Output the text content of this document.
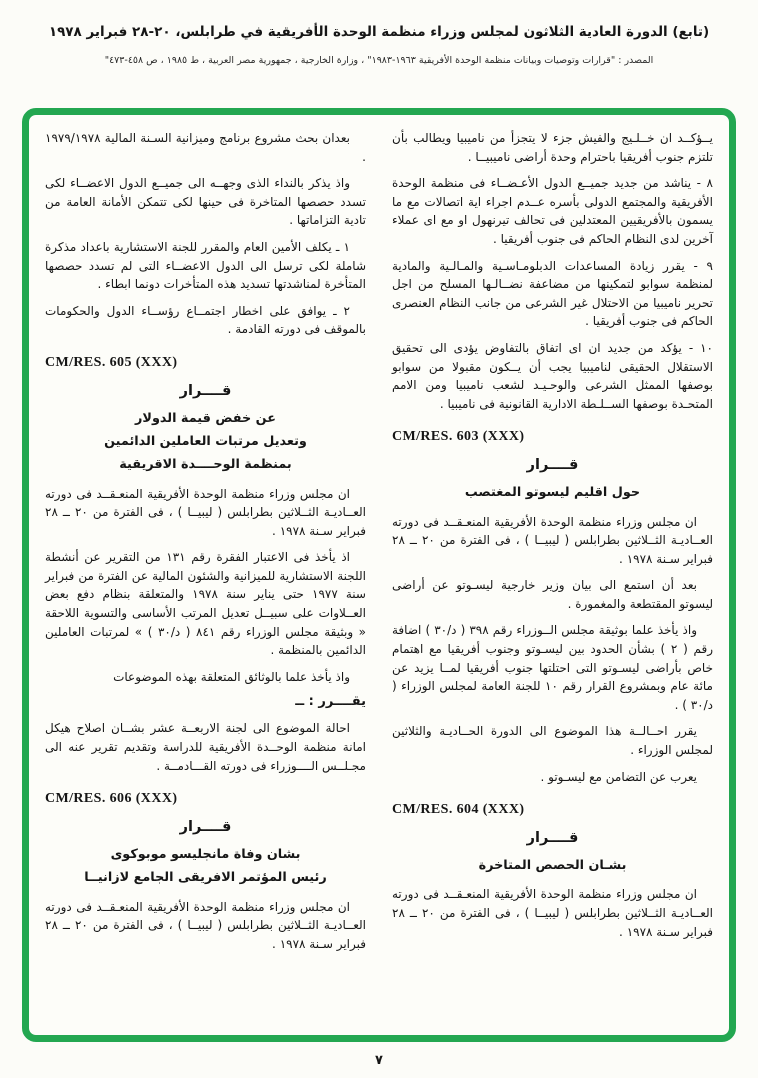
(تابع) الدورة العادية الثلاثون لمجلس وزراء منظمة الوحدة الأفريقية في طرابلس، ٢٠-٢٨ فبراير ١٩٧٨
المصدر : "قرارات وتوصيات وبيانات منظمة الوحدة الأفريقية ١٩٦٣-١٩٨٣" ، وزارة الخارجية ، جمهورية مصر العربية ، ط ١٩٨٥ ، ص ٤٥٨-٤٧٣"

يــؤكــد ان خــلـيج والفيش جزء لا يتجزأ من ناميبيا ويطالب بأن تلتزم جنوب أفريقيا باحترام وحدة أراضى ناميبيــا .

٨ - يناشد من جديد جميــع الدول الأعـضــاء فى منظمة الوحدة الأفريقية والمجتمع الدولى بأسره عــدم اجراء اية اتصالات مع ما يسمون بالأفريقيين المعتدلين فى تحالف تيرنهول او مع اى عملاء آخرين لدى النظام الحاكم فى جنوب أفريقيا .

٩ - يقرر زيادة المساعدات الدبلومـاسـية والمـالـية والمادية لمنظمة سوابو لتمكينها من مضاعفة نضــالـها المسلح من اجل تحرير ناميبيا من الاحتلال غير الشرعى من جانب النظام العنصرى الحاكم فى جنوب أفريقيا .

١٠ - يؤكد من جديد ان اى اتفاق بالتفاوض يؤدى الى تحقيق الاستقلال الحقيقى لناميبيا يجب أن يــكون مقبولا من سوابو بوصفها الممثل الشرعى والوحـيـد لشعب ناميبيا ومن الامم المتحـدة بوصفها الســلـطة الادارية القانونية فى ناميبيا .

CM/RES. 603 (XXX)
قــــرار
حول اقليم ليسوتو المغتصب

ان مجلس وزراء منظمة الوحدة الأفريقية المنعـقــد فى دورته العــاديـة الثــلاثين بطرابلس ( ليبيــا ) ، فى الفترة من ٢٠ ــ ٢٨ فبراير سـنة ١٩٧٨ .

بعد أن استمع الى بيان وزير خارجية ليسـوتو عن أراضى ليسوتو المقتطعة والمغمورة .

واذ يأخذ علما بوثيقة مجلس الــوزراء رقم ٣٩٨ ( د/٣٠ ) اضافة رقم ( ٢ ) بشأن الحدود بين ليسـوتو وجنوب أفريقيا مع اهتمام خاص بأراضى ليسـوتو التى احتلتها جنوب أفريقيا لمــا يزيد عن مائة عام وبمشروع القرار رقم ١٠ للجنة العامة لمجلس الوزراء ( د/٣٠ ) .

يقرر احــالــة هذا الموضوع الى الدورة الحــاديـة والثلاثين لمجلس الوزراء .

يعرب عن التضامن مع ليسـوتو .

CM/RES. 604 (XXX)
قــــرار
بشـان الحصص المتاخرة

ان مجلس وزراء منظمة الوحدة الأفريقية المنعـقــد فى دورته العــاديـة الثــلاثين بطرابلس ( ليبيــا ) ، فى الفترة من ٢٠ ــ ٢٨ فبراير سـنة ١٩٧٨ .

بعدان بحث مشروع برنامج وميزانية السـنة المالية ١٩٧٩/١٩٧٨ .

واذ يذكر بالنداء الذى وجهــه الى جميــع الدول الاعضــاء لكى تسدد حصصها المتاخرة فى حينها لكى تتمكن الأمانة العامة من تادية التزاماتها .

١ ـ يكلف الأمين العام والمقرر للجنة الاستشارية باعداد مذكرة شاملة لكى ترسل الى الدول الاعضــاء التى لم تسدد حصصها المتأخرة لمناشدتها تسديد هذه المتأخرات دونما ابطاء .

٢ ـ يوافق على اخطار اجتمــاع رؤســاء الدول والحكومات بالموقف فى دورته القادمة .

CM/RES. 605 (XXX)
قــــرار
عن خفض قيمة الدولار
وتعديل مرتبات العاملين الدائمين
بمنظمة الوحــــدة الاقريقية

ان مجلس وزراء منظمة الوحدة الأفريقية المنعـقــد فى دورته العــاديـة الثــلاثين بطرابلس ( ليبيــا ) ، فى الفترة من ٢٠ ــ ٢٨ فبراير سـنة ١٩٧٨ .

اذ يأخذ فى الاعتبار الفقرة رقم ١٣١ من التقرير عن أنشطة اللجنة الاستشارية للميزانية والشئون المالية عن الفترة من فبراير سنة ١٩٧٧ حتى يناير سنة ١٩٧٨ والمتعلقة بنظام دفع بعض العــلاوات على سبيــل تعديل المرتب الأساسى والتسوية اللاحقة « وبثيقة مجلس الوزراء رقم ٨٤١ ( د/٣٠ ) » لمرتبات العاملين الدائمين بالمنظمة .

واذ يأخذ علما بالوثائق المتعلقة بهذه الموضوعات

يقــــرر : ــ

احالة الموضوع الى لجنة الاربعــة عشر بشــان اصلاح هيكل امانة منظمة الوحــدة الأفريقية للدراسة وتقديم تقرير عنه الى مجـلــس الــــوزراء فى دورته القـــادمــة .

CM/RES. 606 (XXX)
قــــرار
بشان وفاة مانجليسو موبوكوى
رئيس المؤتمر الافريقى الجامع لازانيــا

ان مجلس وزراء منظمة الوحدة الأفريقية المنعـقــد فى دورته العــاديـة الثــلاثين بطرابلس ( ليبيــا ) ، فى الفترة من ٢٠ ــ ٢٨ فبراير سـنة ١٩٧٨ .

٧
